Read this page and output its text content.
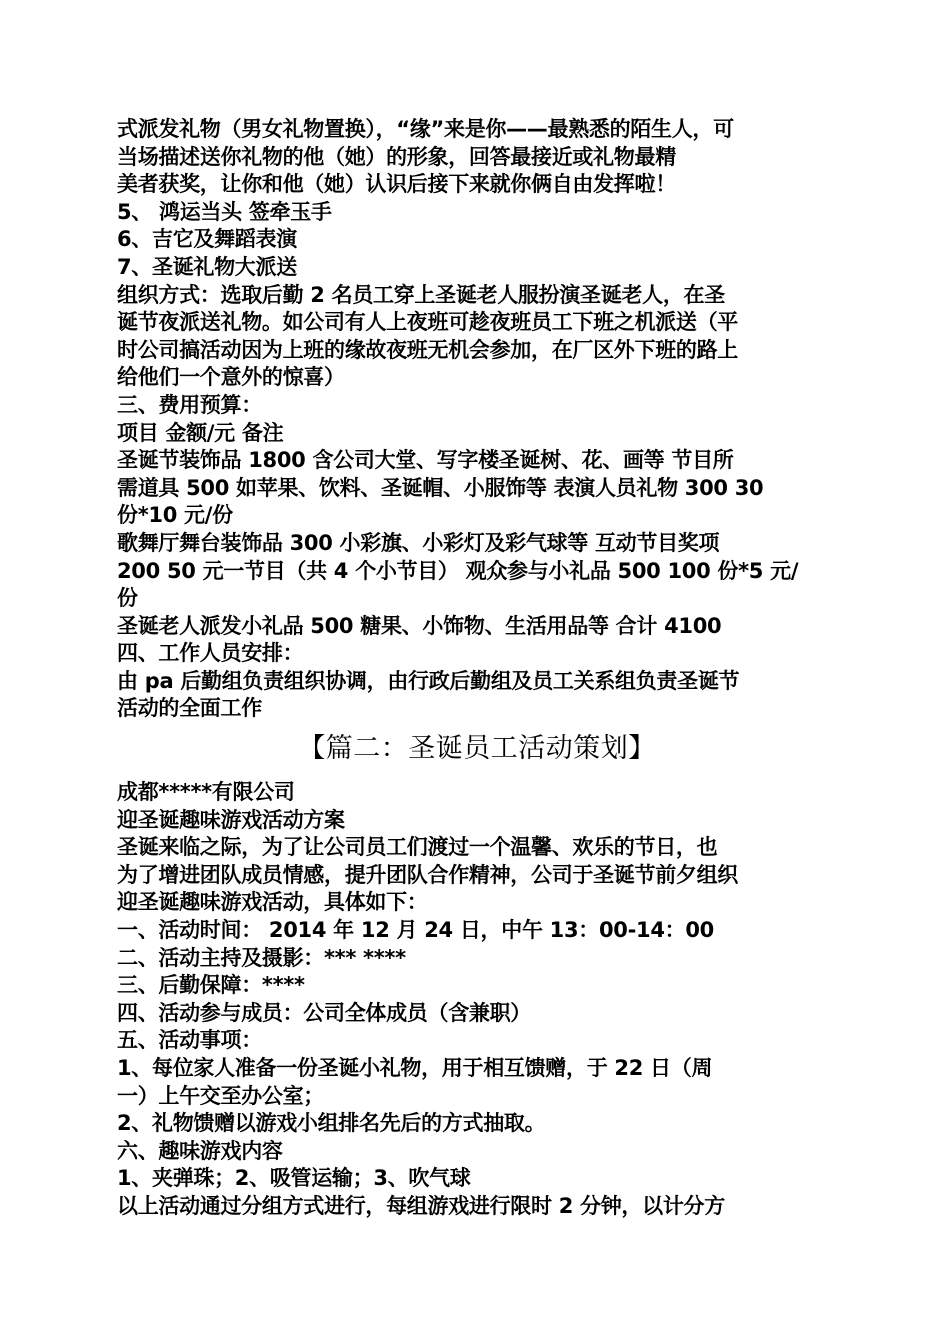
式派发礼物（男女礼物置换），“缘”来是你——最熟悉的陌生人，可
当场描述送你礼物的他（她）的形象，回答最接近或礼物最精
美者获奖，让你和他（她）认识后接下来就你俩自由发挥啦！
5、 鸿运当头 签牵玉手
6、吉它及舞蹈表演
7、圣诞礼物大派送
组织方式：选取后勤 2 名员工穿上圣诞老人服扮演圣诞老人，在圣
诞节夜派送礼物。如公司有人上夜班可趁夜班员工下班之机派送（平
时公司搞活动因为上班的缘故夜班无机会参加，在厂区外下班的路上
给他们一个意外的惊喜）
三、费用预算：
项目 金额/元 备注
圣诞节装饰品 1800 含公司大堂、写字楼圣诞树、花、画等 节目所
需道具 500 如苹果、饮料、圣诞帽、小服饰等 表演人员礼物 300 30
份*10 元/份
歌舞厅舞台装饰品 300 小彩旗、小彩灯及彩气球等 互动节目奖项
200 50 元一节目（共 4 个小节目） 观众参与小礼品 500 100 份*5 元/
份
圣诞老人派发小礼品 500 糖果、小饰物、生活用品等 合计 4100
四、工作人员安排：
由 pa 后勤组负责组织协调，由行政后勤组及员工关系组负责圣诞节
活动的全面工作
【篇二：圣诞员工活动策划】
成都*****有限公司
迎圣诞趣味游戏活动方案
圣诞来临之际，为了让公司员工们渡过一个温馨、欢乐的节日，也
为了增进团队成员情感，提升团队合作精神，公司于圣诞节前夕组织
迎圣诞趣味游戏活动，具体如下：
一、活动时间： 2014 年 12 月 24 日，中午 13：00-14：00
二、活动主持及摄影：*** ****
三、后勤保障：****
四、活动参与成员：公司全体成员（含兼职）
五、活动事项：
1、每位家人准备一份圣诞小礼物，用于相互馈赠，于 22 日（周
一）上午交至办公室；
2、礼物馈赠以游戏小组排名先后的方式抽取。
六、趣味游戏内容
1、夹弹珠；2、吸管运输；3、吹气球
以上活动通过分组方式进行，每组游戏进行限时 2 分钟，以计分方
